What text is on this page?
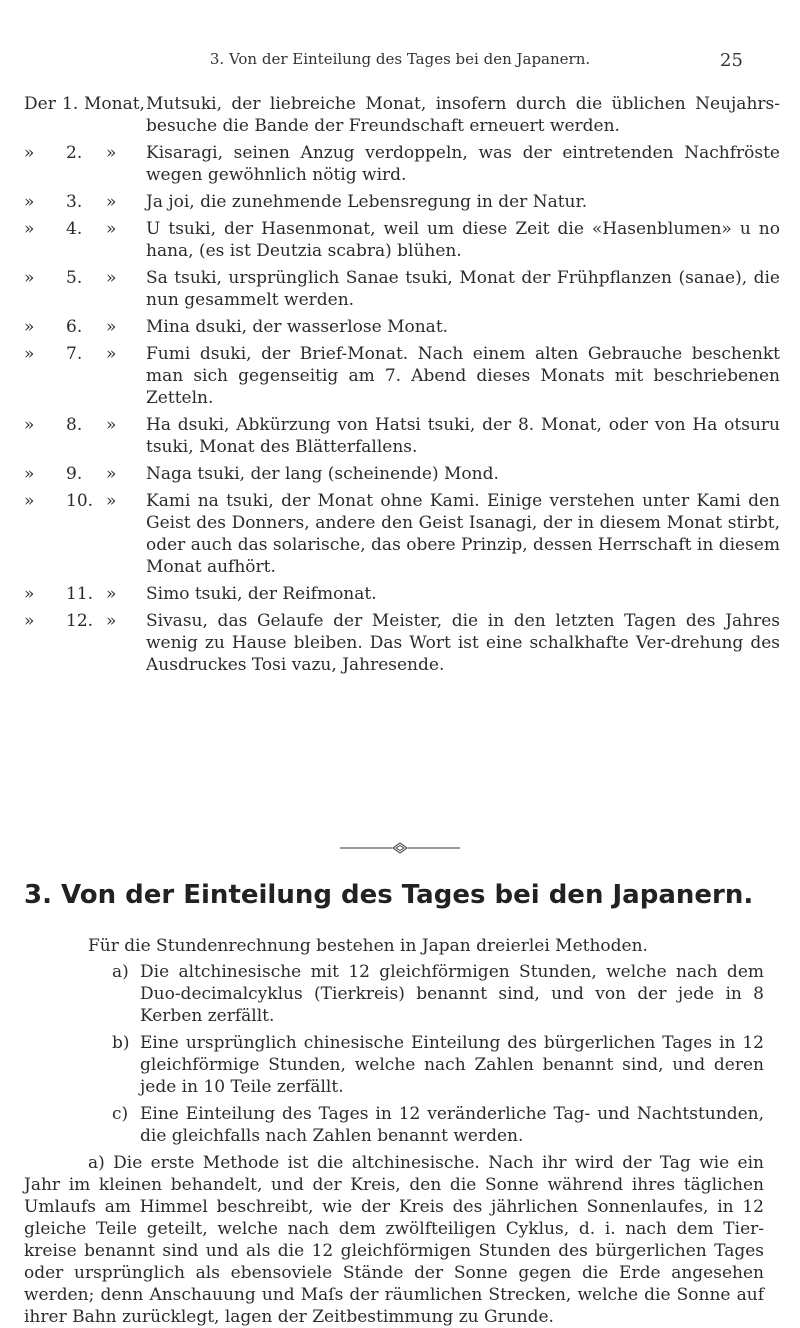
3. Von der Einteilung des Tages bei den Japanern.	25
Der 1. Monat, Mutsuki, der liebreiche Monat, insofern durch die üblichen Neujahrs-besuche die Bande der Freundschaft erneuert werden.
»	2.	» Kisaragi, seinen Anzug verdoppeln, was der eintretenden Nachfröste wegen gewöhnlich nötig wird.
»	3.	» Ja joi, die zunehmende Lebensregung in der Natur.
»	4.	» U tsuki, der Hasenmonat, weil um diese Zeit die «Hasenblumen» u no hana, (es ist Deutzia scabra) blühen.
»	5.	» Sa tsuki, ursprünglich Sanae tsuki, Monat der Frühpflanzen (sanae), die nun gesammelt werden.
»	6.	» Mina dsuki, der wasserlose Monat.
»	7.	» Fumi dsuki, der Brief-Monat. Nach einem alten Gebrauche beschenkt man sich gegenseitig am 7. Abend dieses Monats mit beschriebenen Zetteln.
»	8.	» Ha dsuki, Abkürzung von Hatsi tsuki, der 8. Monat, oder von Ha otsuru tsuki, Monat des Blätterfallens.
»	9.	» Naga tsuki, der lang (scheinende) Mond.
»	10. » Kami na tsuki, der Monat ohne Kami. Einige verstehen unter Kami den Geist des Donners, andere den Geist Isanagi, der in diesem Monat stirbt, oder auch das solarische, das obere Prinzip, dessen Herrschaft in diesem Monat aufhört.
»	11. » Simo tsuki, der Reifmonat.
»	12. » Sivasu, das Gelaufe der Meister, die in den letzten Tagen des Jahres wenig zu Hause bleiben. Das Wort ist eine schalkhafte Ver-drehung des Ausdruckes Tosi vazu, Jahresende.
3. Von der Einteilung des Tages bei den Japanern.

Für die Stundenrechnung bestehen in Japan dreierlei Methoden.

a) Die altchinesische mit 12 gleichförmigen Stunden, welche nach dem Duo-decimalcyklus (Tierkreis) benannt sind, und von der jede in 8 Kerben zerfällt.
b) Eine ursprünglich chinesische Einteilung des bürgerlichen Tages in 12 gleichförmige Stunden, welche nach Zahlen benannt sind, und deren jede in 10 Teile zerfällt.
c) Eine Einteilung des Tages in 12 veränderliche Tag- und Nachtstunden, die gleichfalls nach Zahlen benannt werden.

a) Die erste Methode ist die altchinesische. Nach ihr wird der Tag wie ein Jahr im kleinen behandelt, und der Kreis, den die Sonne während ihres täglichen Umlaufs am Himmel beschreibt, wie der Kreis des jährlichen Sonnenlaufes, in 12 gleiche Teile geteilt, welche nach dem zwölfteiligen Cyklus, d. i. nach dem Tier-kreise benannt sind und als die 12 gleichförmigen Stunden des bürgerlichen Tages oder ursprünglich als ebensoviele Stände der Sonne gegen die Erde angesehen werden; denn Anschauung und Maſs der räumlichen Strecken, welche die Sonne auf ihrer Bahn zurücklegt, lagen der Zeitbestimmung zu Grunde.
